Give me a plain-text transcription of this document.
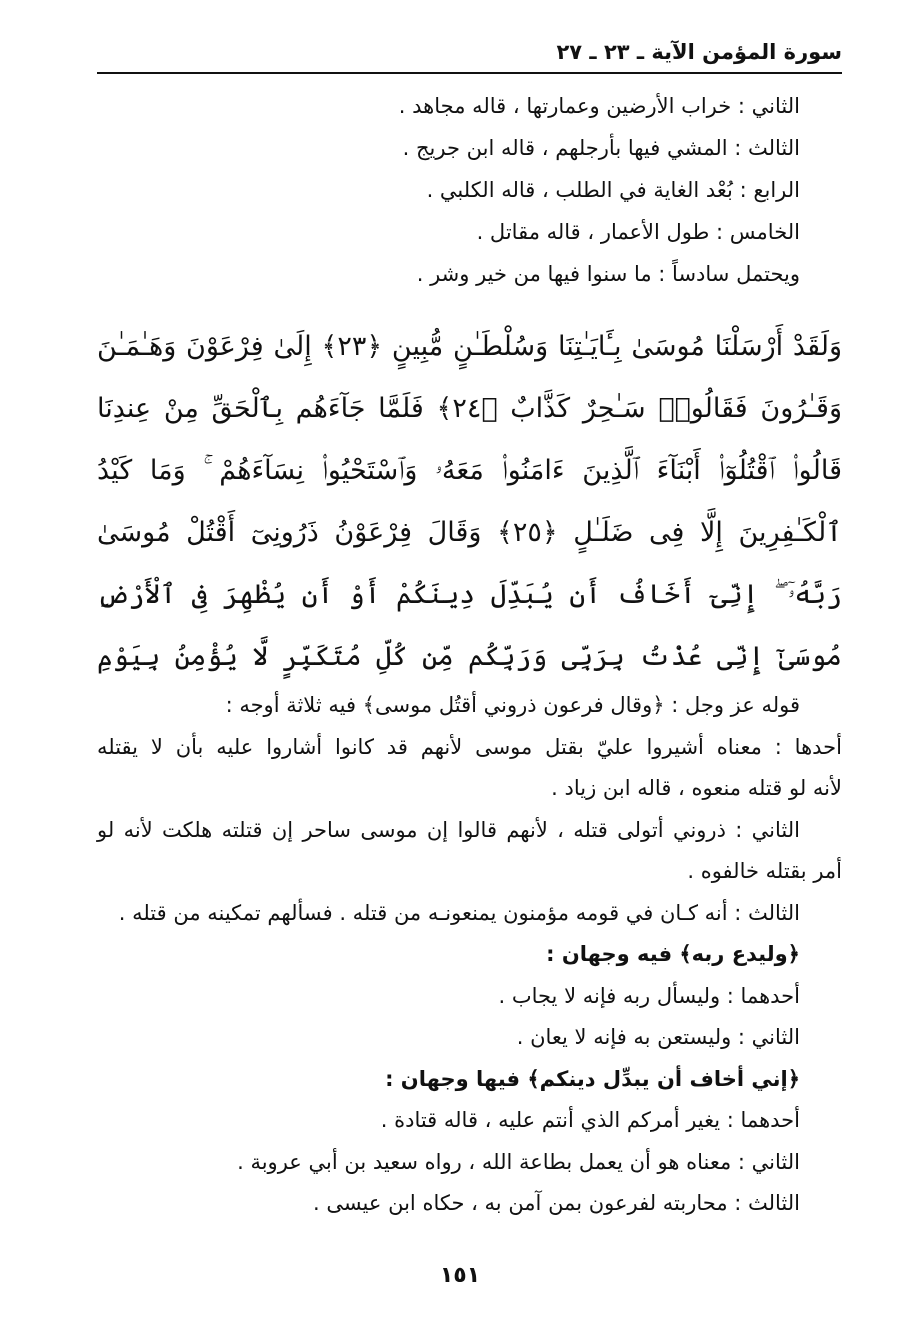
سورة المؤمن الآية ـ ٢٣ ـ ٢٧
الثاني : خراب الأرضين وعمارتها ، قاله مجاهد .
الثالث : المشي فيها بأرجلهم ، قاله ابن جريج .
الرابع : بُعْد الغاية في الطلب ، قاله الكلبي .
الخامس : طول الأعمار ، قاله مقاتل .
ويحتمل سادساً : ما سنوا فيها من خير وشر .
وَلَقَدْ أَرْسَلْنَا مُوسَىٰ بِـَٔايَـٰتِنَا وَسُلْطَـٰنٍ مُّبِينٍ ﴿٢٣﴾ إِلَىٰ فِرْعَوْنَ وَهَـٰمَـٰنَ
وَقَـٰرُونَ فَقَالُوا۟ سَـٰحِرٌ كَذَّابٌ ﴿٢٤﴾ فَلَمَّا جَآءَهُم بِٱلْحَقِّ مِنْ عِندِنَا
قَالُوا۟ ٱقْتُلُوٓا۟ أَبْنَآءَ ٱلَّذِينَ ءَامَنُوا۟ مَعَهُۥ وَٱسْتَحْيُوا۟ نِسَآءَهُمْ ۚ وَمَا كَيْدُ
ٱلْكَـٰفِرِينَ إِلَّا فِى ضَلَـٰلٍ ﴿٢٥﴾ وَقَالَ فِرْعَوْنُ ذَرُونِىٓ أَقْتُلْ مُوسَىٰ
رَبَّهُۥٓ ۖ إِنِّىٓ أَخَافُ أَن يُبَدِّلَ دِينَكُمْ أَوْ أَن يُظْهِرَ فِى ٱلْأَرْضِ
مُوسَىٰٓ إِنِّى عُذْتُ بِرَبِّى وَرَبِّكُم مِّن كُلِّ مُتَكَبِّرٍ لَّا يُؤْمِنُ بِيَوْمِ
قوله عز وجل : ﴿وقال فرعون ذروني أقتُل موسى﴾ فيه ثلاثة أوجه :
أحدها : معناه أشيروا عليّ بقتل موسى لأنهم قد كانوا أشاروا عليه بأن لا يقتله
لأنه لو قتله منعوه ، قاله ابن زياد .
الثاني : ذروني أتولى قتله ، لأنهم قالوا إن موسى ساحر إن قتلته هلكت لأنه لو
أمر بقتله خالفوه .
الثالث : أنه كـان في قومه مؤمنون يمنعونـه من قتله . فسألهم تمكينه من قتله .
﴿وليدع ربه﴾ فيه وجهان :
أحدهما : وليسأل ربه فإنه لا يجاب .
الثاني : وليستعن به فإنه لا يعان .
﴿إني أخاف أن يبدِّل دينكم﴾ فيها وجهان :
أحدهما : يغير أمركم الذي أنتم عليه ، قاله قتادة .
الثاني : معناه هو أن يعمل بطاعة الله ، رواه سعيد بن أبي عروبة .
الثالث : محاربته لفرعون بمن آمن به ، حكاه ابن عيسى .
١٥١
